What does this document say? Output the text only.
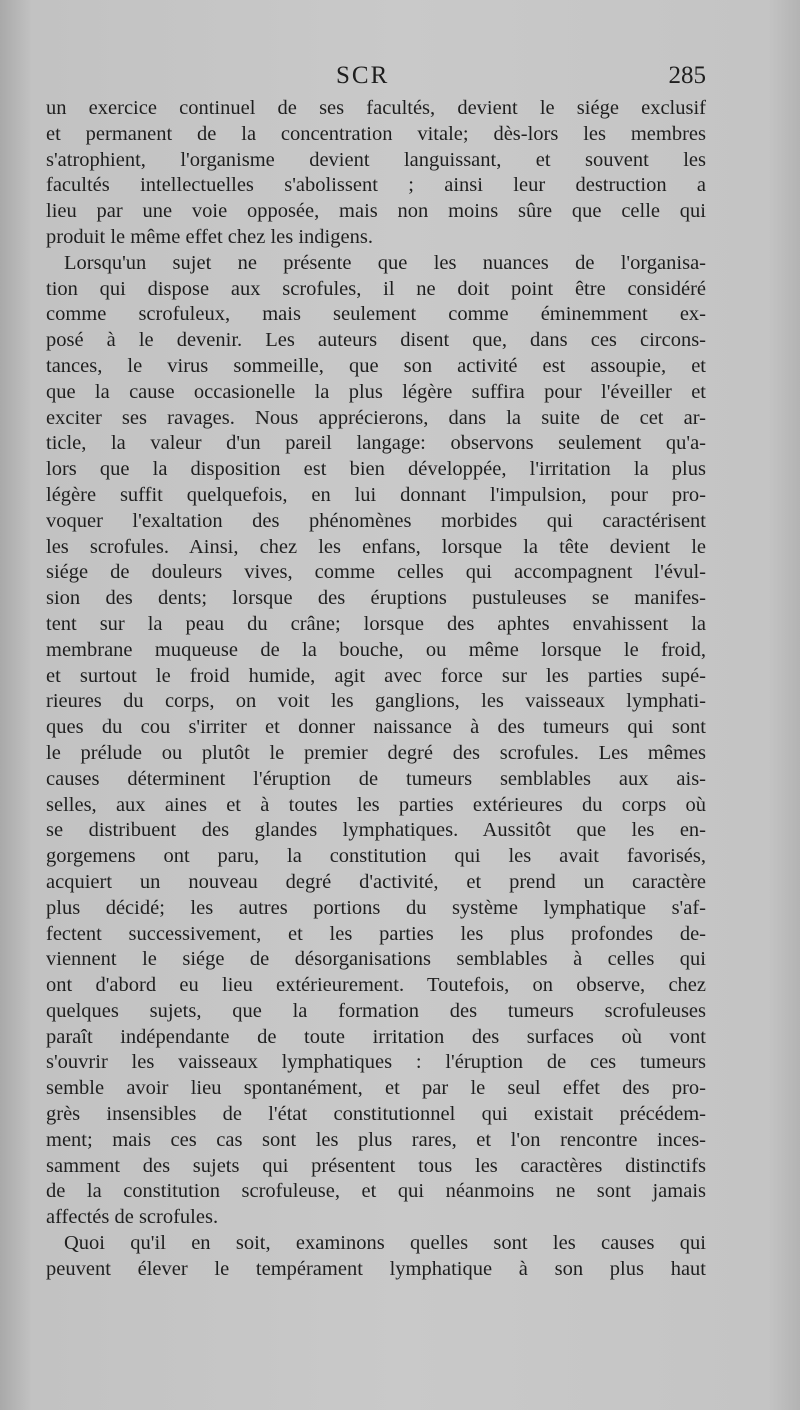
SCR	285
un exercice continuel de ses facultés, devient le siége exclusif
et permanent de la concentration vitale; dès-lors les membres
s'atrophient, l'organisme devient languissant, et souvent les
facultés intellectuelles s'abolissent ; ainsi leur destruction a
lieu par une voie opposée, mais non moins sûre que celle qui
produit le même effet chez les indigens.
Lorsqu'un sujet ne présente que les nuances de l'organisa-
tion qui dispose aux scrofules, il ne doit point être considéré
comme scrofuleux, mais seulement comme éminemment ex-
posé à le devenir. Les auteurs disent que, dans ces circons-
tances, le virus sommeille, que son activité est assoupie, et
que la cause occasionelle la plus légère suffira pour l'éveiller et
exciter ses ravages. Nous apprécierons, dans la suite de cet ar-
ticle, la valeur d'un pareil langage: observons seulement qu'a-
lors que la disposition est bien développée, l'irritation la plus
légère suffit quelquefois, en lui donnant l'impulsion, pour pro-
voquer l'exaltation des phénomènes morbides qui caractérisent
les scrofules. Ainsi, chez les enfans, lorsque la tête devient le
siége de douleurs vives, comme celles qui accompagnent l'évul-
sion des dents; lorsque des éruptions pustuleuses se manifes-
tent sur la peau du crâne; lorsque des aphtes envahissent la
membrane muqueuse de la bouche, ou même lorsque le froid,
et surtout le froid humide, agit avec force sur les parties supé-
rieures du corps, on voit les ganglions, les vaisseaux lymphati-
ques du cou s'irriter et donner naissance à des tumeurs qui sont
le prélude ou plutôt le premier degré des scrofules. Les mêmes
causes déterminent l'éruption de tumeurs semblables aux ais-
selles, aux aines et à toutes les parties extérieures du corps où
se distribuent des glandes lymphatiques. Aussitôt que les en-
gorgemens ont paru, la constitution qui les avait favorisés,
acquiert un nouveau degré d'activité, et prend un caractère
plus décidé; les autres portions du système lymphatique s'af-
fectent successivement, et les parties les plus profondes de-
viennent le siége de désorganisations semblables à celles qui
ont d'abord eu lieu extérieurement. Toutefois, on observe, chez
quelques sujets, que la formation des tumeurs scrofuleuses
paraît indépendante de toute irritation des surfaces où vont
s'ouvrir les vaisseaux lymphatiques : l'éruption de ces tumeurs
semble avoir lieu spontanément, et par le seul effet des pro-
grès insensibles de l'état constitutionnel qui existait précédem-
ment; mais ces cas sont les plus rares, et l'on rencontre inces-
samment des sujets qui présentent tous les caractères distinctifs
de la constitution scrofuleuse, et qui néanmoins ne sont jamais
affectés de scrofules.
Quoi qu'il en soit, examinons quelles sont les causes qui
peuvent élever le tempérament lymphatique à son plus haut
